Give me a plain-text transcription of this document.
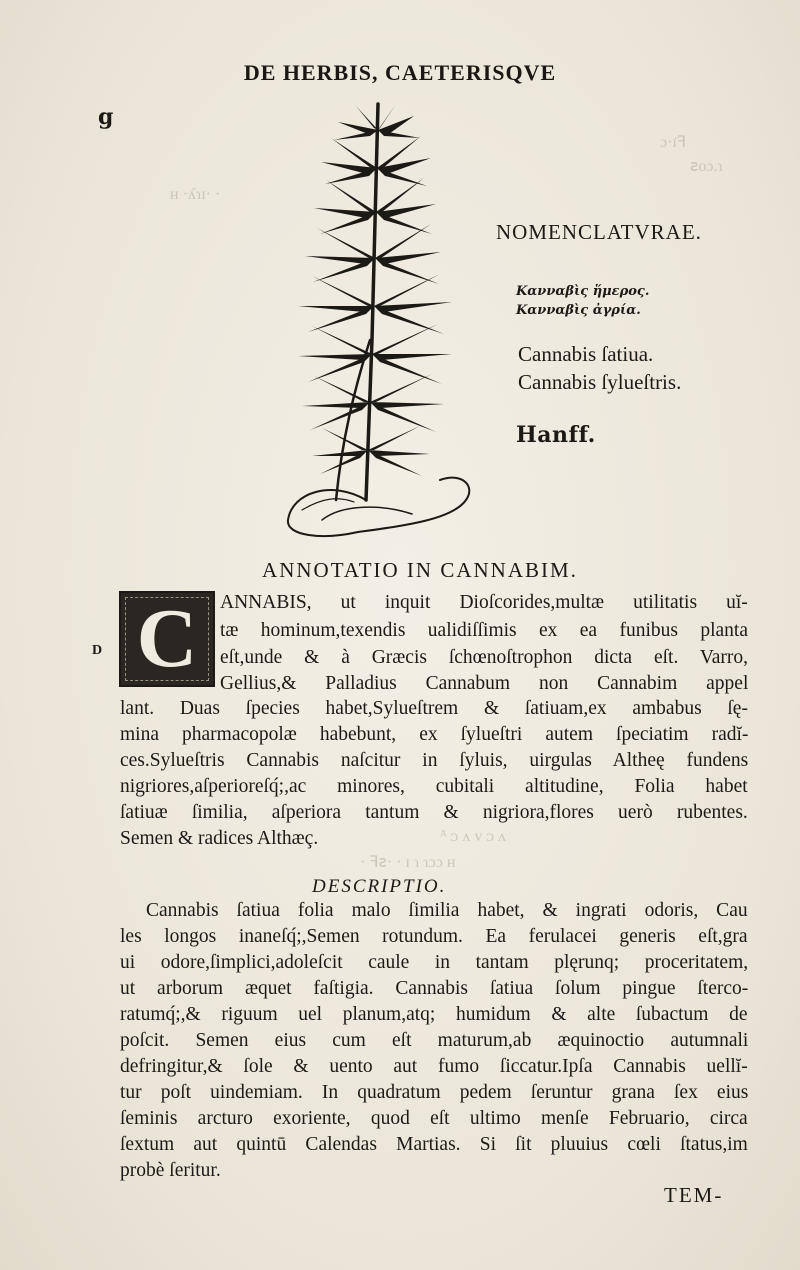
ɔ·ɪ̈ꟻ
ꙅoɔ.ɿ
ʜ ·ʎɿɪ· ·
ᴬ ᴐ ᴧ ᴠ ᴐ ᴧ
· ꟻꙅ· · ɪ ɿ ɿɔɔ ʜ
DE HERBIS, CAETERISQVE
g
NOMENCLATVRAE.
Κανναβὶς ἥμερος.
Κανναβὶς ἀγρία.
Cannabis ſatiua.
Cannabis ſylueſtris.
Hanff.
ANNOTATIO IN CANNABIM.
C
D
ANNABIS, ut inquit Dioſcorides,multæ utilitatis uĭ-
tæ hominum,texendis ualidiſſimis ex ea funibus planta
eſt,unde & à Græcis ſchœnoſtrophon dicta eſt. Varro,
Gellius,& Palladius Cannabum non Cannabim appel
lant. Duas ſpecies habet,Sylueſtrem & ſatiuam,ex ambabus ſę-
mina pharmacopolæ habebunt, ex ſylueſtri autem ſpeciatim radĭ-
ces.Sylueſtris Cannabis naſcitur in ſyluis, uirgulas Altheę fundens
nigriores,aſperioreſq́;,ac minores, cubitali altitudine, Folia habet
ſatiuæ ſimilia, aſperiora tantum & nigriora,flores uerò rubentes.
Semen & radices Althæç.
DESCRIPTIO.
Cannabis ſatiua folia malo ſimilia habet, & ingrati odoris, Cau
les longos inaneſq́;,Semen rotundum. Ea ferulacei generis eſt,gra
ui odore,ſimplici,adoleſcit caule in tantam plęrunq; proceritatem,
ut arborum æquet faſtigia. Cannabis ſatiua ſolum pingue ſterco-
ratumq́;,& riguum uel planum,atq; humidum & alte ſubactum de
poſcit. Semen eius cum eſt maturum,ab æquinoctio autumnali
defringitur,& ſole & uento aut fumo ſiccatur.Ipſa Cannabis uellĭ-
tur poſt uindemiam. In quadratum pedem ſeruntur grana ſex eius
ſeminis arcturo exoriente, quod eſt ultimo menſe Februario, circa
ſextum aut quintū Calendas Martias. Si ſit pluuius cœli ſtatus,im
probè ſeritur.
TEM-
